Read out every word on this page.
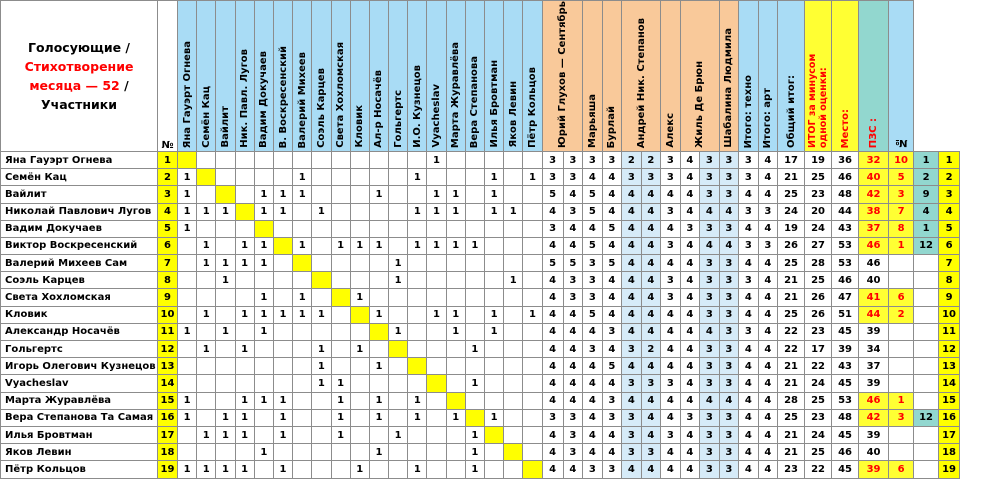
Голосующие /
Стихотворение месяца — 52 /
Участники	№	Яна Гауэрт Огнева	Семён Кац	Вайлит	Ник. Павл. Лугов	Вадим Докучаев	В. Воскресенский	Валерий Михеев	Соэль Карцев	Света Хохломская	Кловик	Ал-р Носачёв	Гольгертс	И.О. Кузнецов	Vyacheslav	Марта Журавлёва	Вера Степанова	Илья Бровтман	Яков Левин	Пётр Кольцов	Юрий Глухов — Сентябрь		Марьяша	Бурлай	Андрей Ник. Степанов		Алекс	Жиль Де Брюн		Шабалина Людмила	Итого: техно	Итого: арт	Общий итог:	ИТОГ за минусом одной оценки:	Место:	ПЗС :	№		
Яна Гауэрт Огнева	1														1						3	3	3	3	2	2	3	4	3	3	3	4	17	19	36	32	10	1	1
Семён Кац	2	1						1						1				1		1	3	3	4	4	3	3	3	4	3	3	3	4	21	25	46	40	5	2	2
Вайлит	3	1				1	1	1				1			1	1		1			5	4	5	4	4	4	4	4	3	3	4	4	25	23	48	42	3	9	3
Николай Павлович Лугов	4	1	1	1		1	1		1					1	1	1		1	1		4	3	5	4	4	4	3	4	4	4	3	3	24	20	44	38	7	4	4
Вадим Докучаев	5	1																			3	4	4	5	4	4	4	3	3	3	4	4	19	24	43	37	8	1	5
Виктор Воскресенский	6		1		1	1		1		1	1	1		1	1	1	1				4	4	5	4	4	4	3	4	4	4	3	3	26	27	53	46	1	12	6
Валерий Михеев Сам	7		1	1	1	1							1								5	5	3	5	4	4	4	4	3	3	4	4	25	28	53	46			7
Соэль Карцев	8			1									1						1		4	3	3	4	4	4	3	4	3	3	3	4	21	25	46	40			8
Света Хохломская	9					1		1			1										4	3	3	4	4	4	3	4	3	3	4	4	21	26	47	41	6		9
Кловик	10		1		1	1	1	1	1			1			1	1		1		1	4	4	5	4	4	4	4	4	3	3	4	4	25	26	51	44	2		10
Александр Носачёв	11	1		1		1							1			1		1			4	4	4	3	4	4	4	4	4	3	3	4	22	23	45	39			11
Гольгертс	12		1		1				1		1						1				4	4	3	4	3	2	4	4	3	3	4	4	22	17	39	34			12
Игорь Олегович Кузнецов	13								1			1									4	4	4	5	4	4	4	4	3	3	4	4	21	22	43	37			13
Vyacheslav	14								1	1							1				4	4	4	4	3	3	3	4	3	3	4	4	21	24	45	39			14
Марта Журавлёва	15	1			1	1	1			1		1		1							4	4	4	3	4	4	4	4	4	4	4	4	28	25	53	46	1		15
Вера Степанова Та Самая	16	1		1	1		1			1		1		1		1		1			3	3	4	3	3	4	4	3	3	3	4	4	25	23	48	42	3	12	16
Илья Бровтман	17		1	1	1		1			1			1				1				4	3	4	4	3	4	3	4	3	3	4	4	21	24	45	39			17
Яков Левин	18					1						1					1				4	3	4	4	3	3	4	4	3	3	4	4	21	25	46	40			18
Пётр Кольцов	19	1	1	1	1		1				1			1			1				4	4	3	3	4	4	4	4	3	3	4	4	23	22	45	39	6		19
